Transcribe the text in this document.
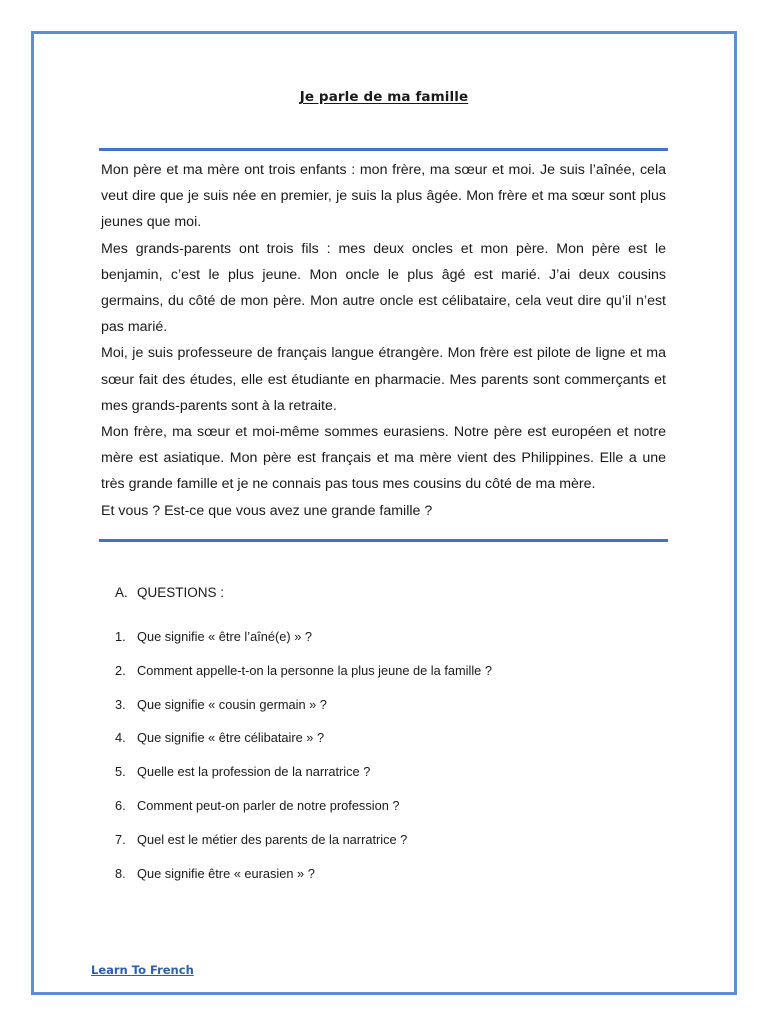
Je parle de ma famille

Mon père et ma mère ont trois enfants : mon frère, ma sœur et moi. Je suis l’aînée, cela veut dire que je suis née en premier, je suis la plus âgée. Mon frère et ma sœur sont plus jeunes que moi.

Mes grands-parents ont trois fils : mes deux oncles et mon père. Mon père est le benjamin, c’est le plus jeune. Mon oncle le plus âgé est marié. J’ai deux cousins germains, du côté de mon père. Mon autre oncle est célibataire, cela veut dire qu’il n’est pas marié.

Moi, je suis professeure de français langue étrangère. Mon frère est pilote de ligne et ma sœur fait des études, elle est étudiante en pharmacie. Mes parents sont commerçants et mes grands-parents sont à la retraite.

Mon frère, ma sœur et moi-même sommes eurasiens. Notre père est européen et notre mère est asiatique. Mon père est français et ma mère vient des Philippines. Elle a une très grande famille et je ne connais pas tous mes cousins du côté de ma mère.

Et vous ? Est-ce que vous avez une grande famille ?

A. QUESTIONS :
1. Que signifie « être l’aîné(e) » ?
2. Comment appelle-t-on la personne la plus jeune de la famille ?
3. Que signifie « cousin germain » ?
4. Que signifie « être célibataire » ?
5. Quelle est la profession de la narratrice ?
6. Comment peut-on parler de notre profession ?
7. Quel est le métier des parents de la narratrice ?
8. Que signifie être « eurasien » ?
Learn To French
